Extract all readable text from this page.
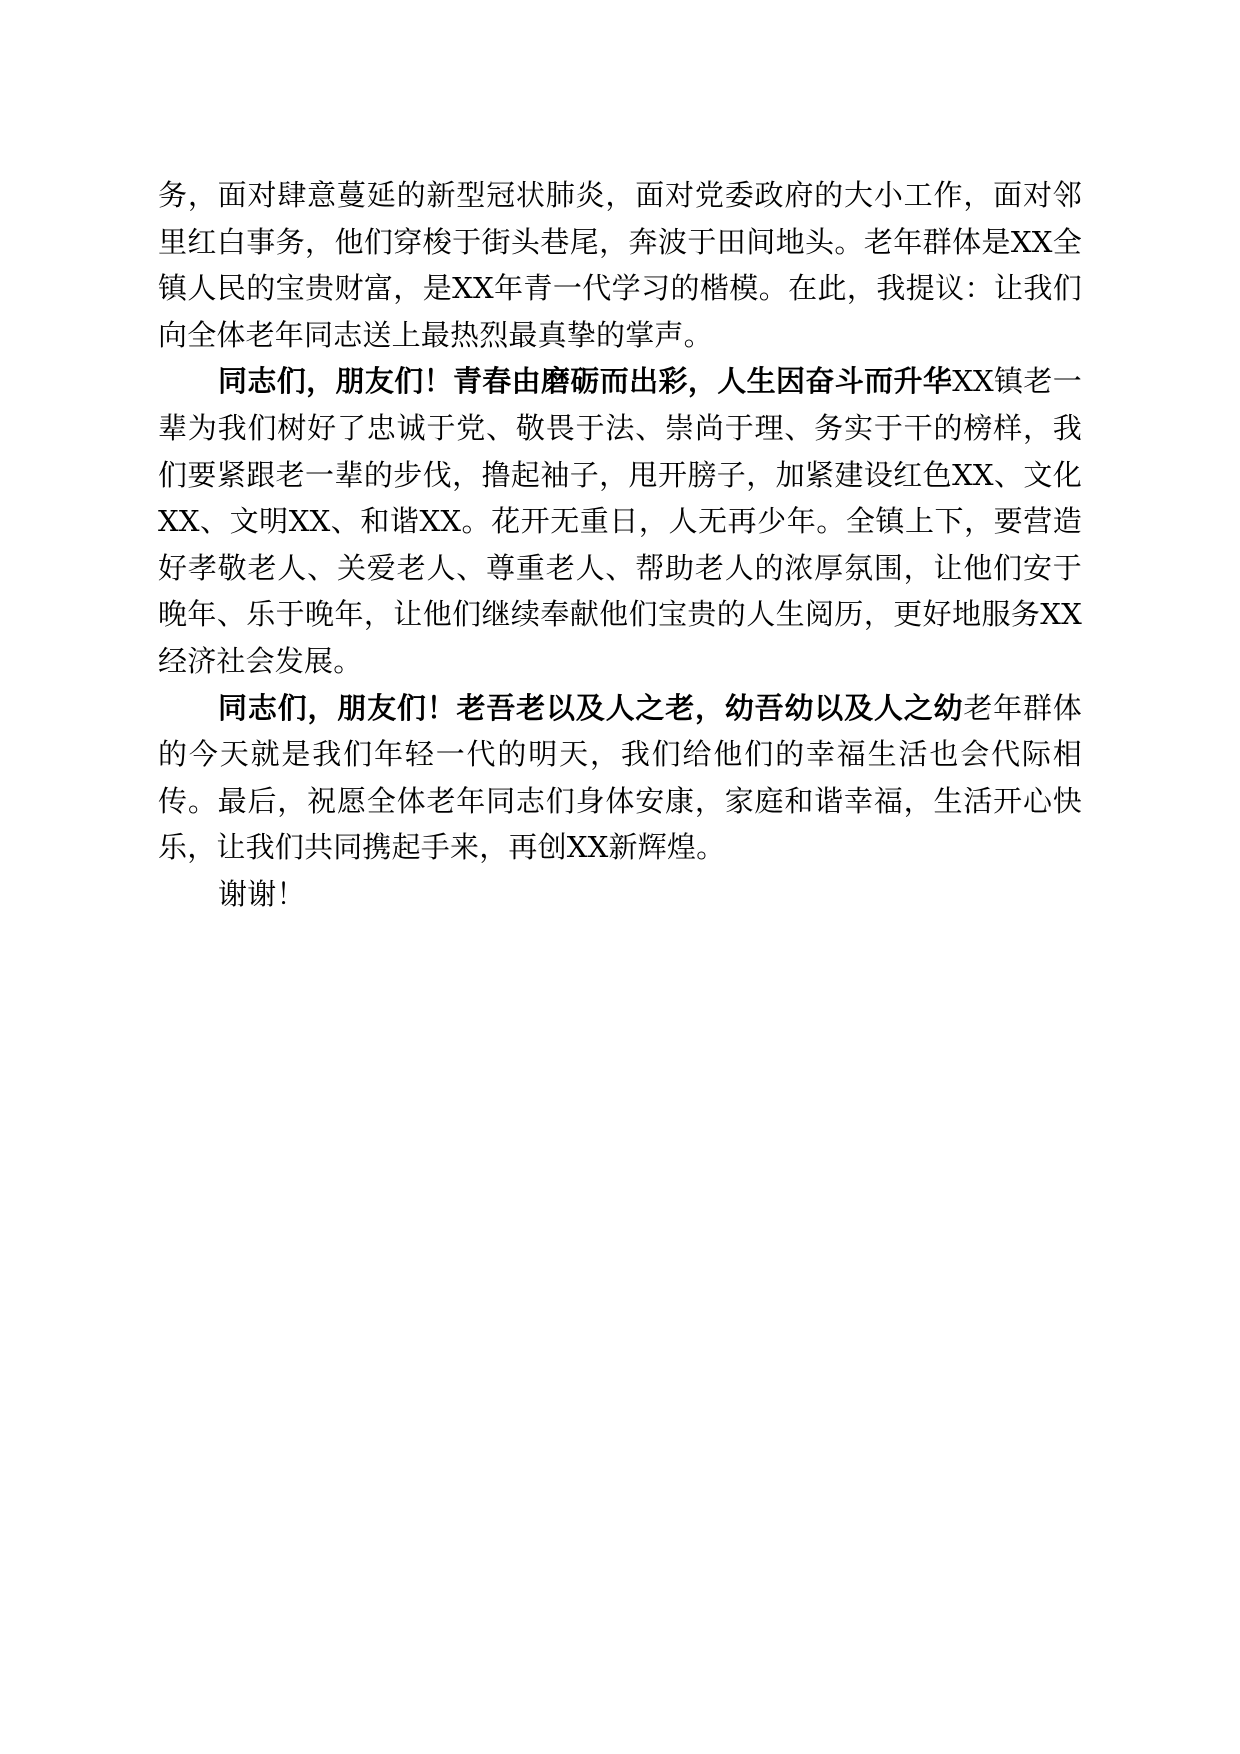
务，面对肆意蔓延的新型冠状肺炎，面对党委政府的大小工作，面对邻里红白事务，他们穿梭于街头巷尾，奔波于田间地头。老年群体是XX全镇人民的宝贵财富，是XX年青一代学习的楷模。在此，我提议：让我们向全体老年同志送上最热烈最真挚的掌声。

同志们，朋友们！青春由磨砺而出彩，人生因奋斗而升华XX镇老一辈为我们树好了忠诚于党、敬畏于法、崇尚于理、务实于干的榜样，我们要紧跟老一辈的步伐，撸起袖子，甩开膀子，加紧建设红色XX、文化XX、文明XX、和谐XX。花开无重日，人无再少年。全镇上下，要营造好孝敬老人、关爱老人、尊重老人、帮助老人的浓厚氛围，让他们安于晚年、乐于晚年，让他们继续奉献他们宝贵的人生阅历，更好地服务XX经济社会发展。

同志们，朋友们！老吾老以及人之老，幼吾幼以及人之幼老年群体的今天就是我们年轻一代的明天，我们给他们的幸福生活也会代际相传。最后，祝愿全体老年同志们身体安康，家庭和谐幸福，生活开心快乐，让我们共同携起手来，再创XX新辉煌。

谢谢！
